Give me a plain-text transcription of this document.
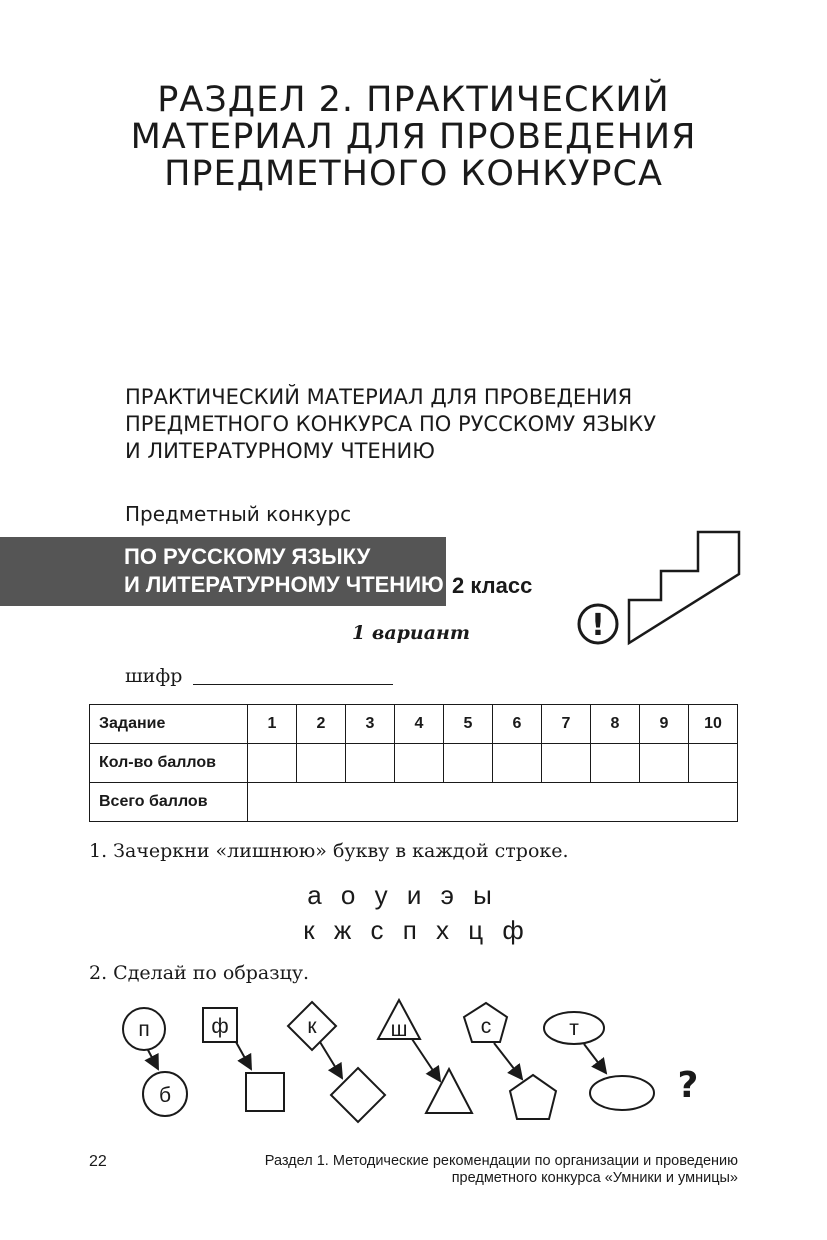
РАЗДЕЛ 2. ПРАКТИЧЕСКИЙ
МАТЕРИАЛ ДЛЯ ПРОВЕДЕНИЯ
ПРЕДМЕТНОГО КОНКУРСА
ПРАКТИЧЕСКИЙ МАТЕРИАЛ ДЛЯ ПРОВЕДЕНИЯ
ПРЕДМЕТНОГО КОНКУРСА ПО РУССКОМУ ЯЗЫКУ
И ЛИТЕРАТУРНОМУ ЧТЕНИЮ
Предметный конкурс
ПО РУССКОМУ ЯЗЫКУ
И ЛИТЕРАТУРНОМУ ЧТЕНИЮ 2 класс
!
1 вариант
шифр
Задание	1	2	3	4	5	6	7	8	9	10
Кол-во баллов										
Всего баллов										
1. Зачеркни «лишнюю» букву в каждой строке.
а о у и э ы
к ж с п х ц ф
2. Сделай по образцу.
п
б
ф	к	ш	с	т
?
22	Раздел 1. Методические рекомендации по организации и проведению
предметного конкурса «Умники и умницы»
